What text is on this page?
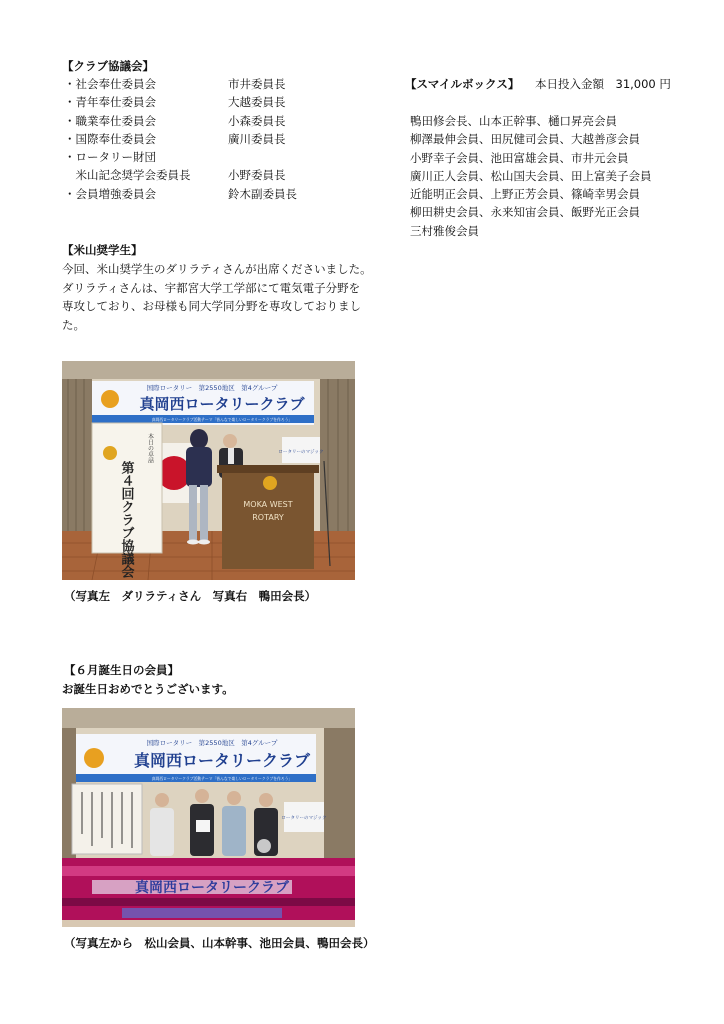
【クラブ協議会】
・社会奉仕委員会	市井委員長
・青年奉仕委員会	大越委員長
・職業奉仕委員会	小森委員長
・国際奉仕委員会	廣川委員長
・ロータリー財団
　米山記念奨学会委員長	小野委員長
・会員増強委員会	鈴木副委員長
【スマイルボックス】 本日投入金額　31,000 円
鴨田修会長、山本正幹事、樋口昇亮会員
柳澤最伸会員、田尻健司会員、大越善彦会員
小野幸子会員、池田富雄会員、市井元会員
廣川正人会員、松山国夫会員、田上富美子会員
近能明正会員、上野正芳会員、篠崎幸男会員
柳田耕史会員、永来知宙会員、飯野光正会員
三村雅俊会員
【米山奨学生】
今回、米山奨学生のダリラティさんが出席くださいました。
ダリラティさんは、宇都宮大学工学部にて電気電子分野を
専攻しており、お母様も同大学同分野を専攻しておりまし
た。
国際ロータリー　第2550地区　第4グループ
真岡西ロータリークラブ
真岡西ロータリークラブ活動テーマ「皆んなで楽しいロータリークラブを作ろう」
本日の卓話
第４回クラブ協議会	MOKA WEST
ROTARY
ロータリーのマジック
（写真左　ダリラティさん　写真右　鴨田会長）
【６月誕生日の会員】
お誕生日おめでとうございます。
国際ロータリー　第2550地区　第4グループ
真岡西ロータリークラブ
真岡西ロータリークラブ活動テーマ「皆んなで楽しいロータリークラブを作ろう」
ロータリーのマジック
真岡西ロータリークラブ
（写真左から　松山会員、山本幹事、池田会員、鴨田会長）
